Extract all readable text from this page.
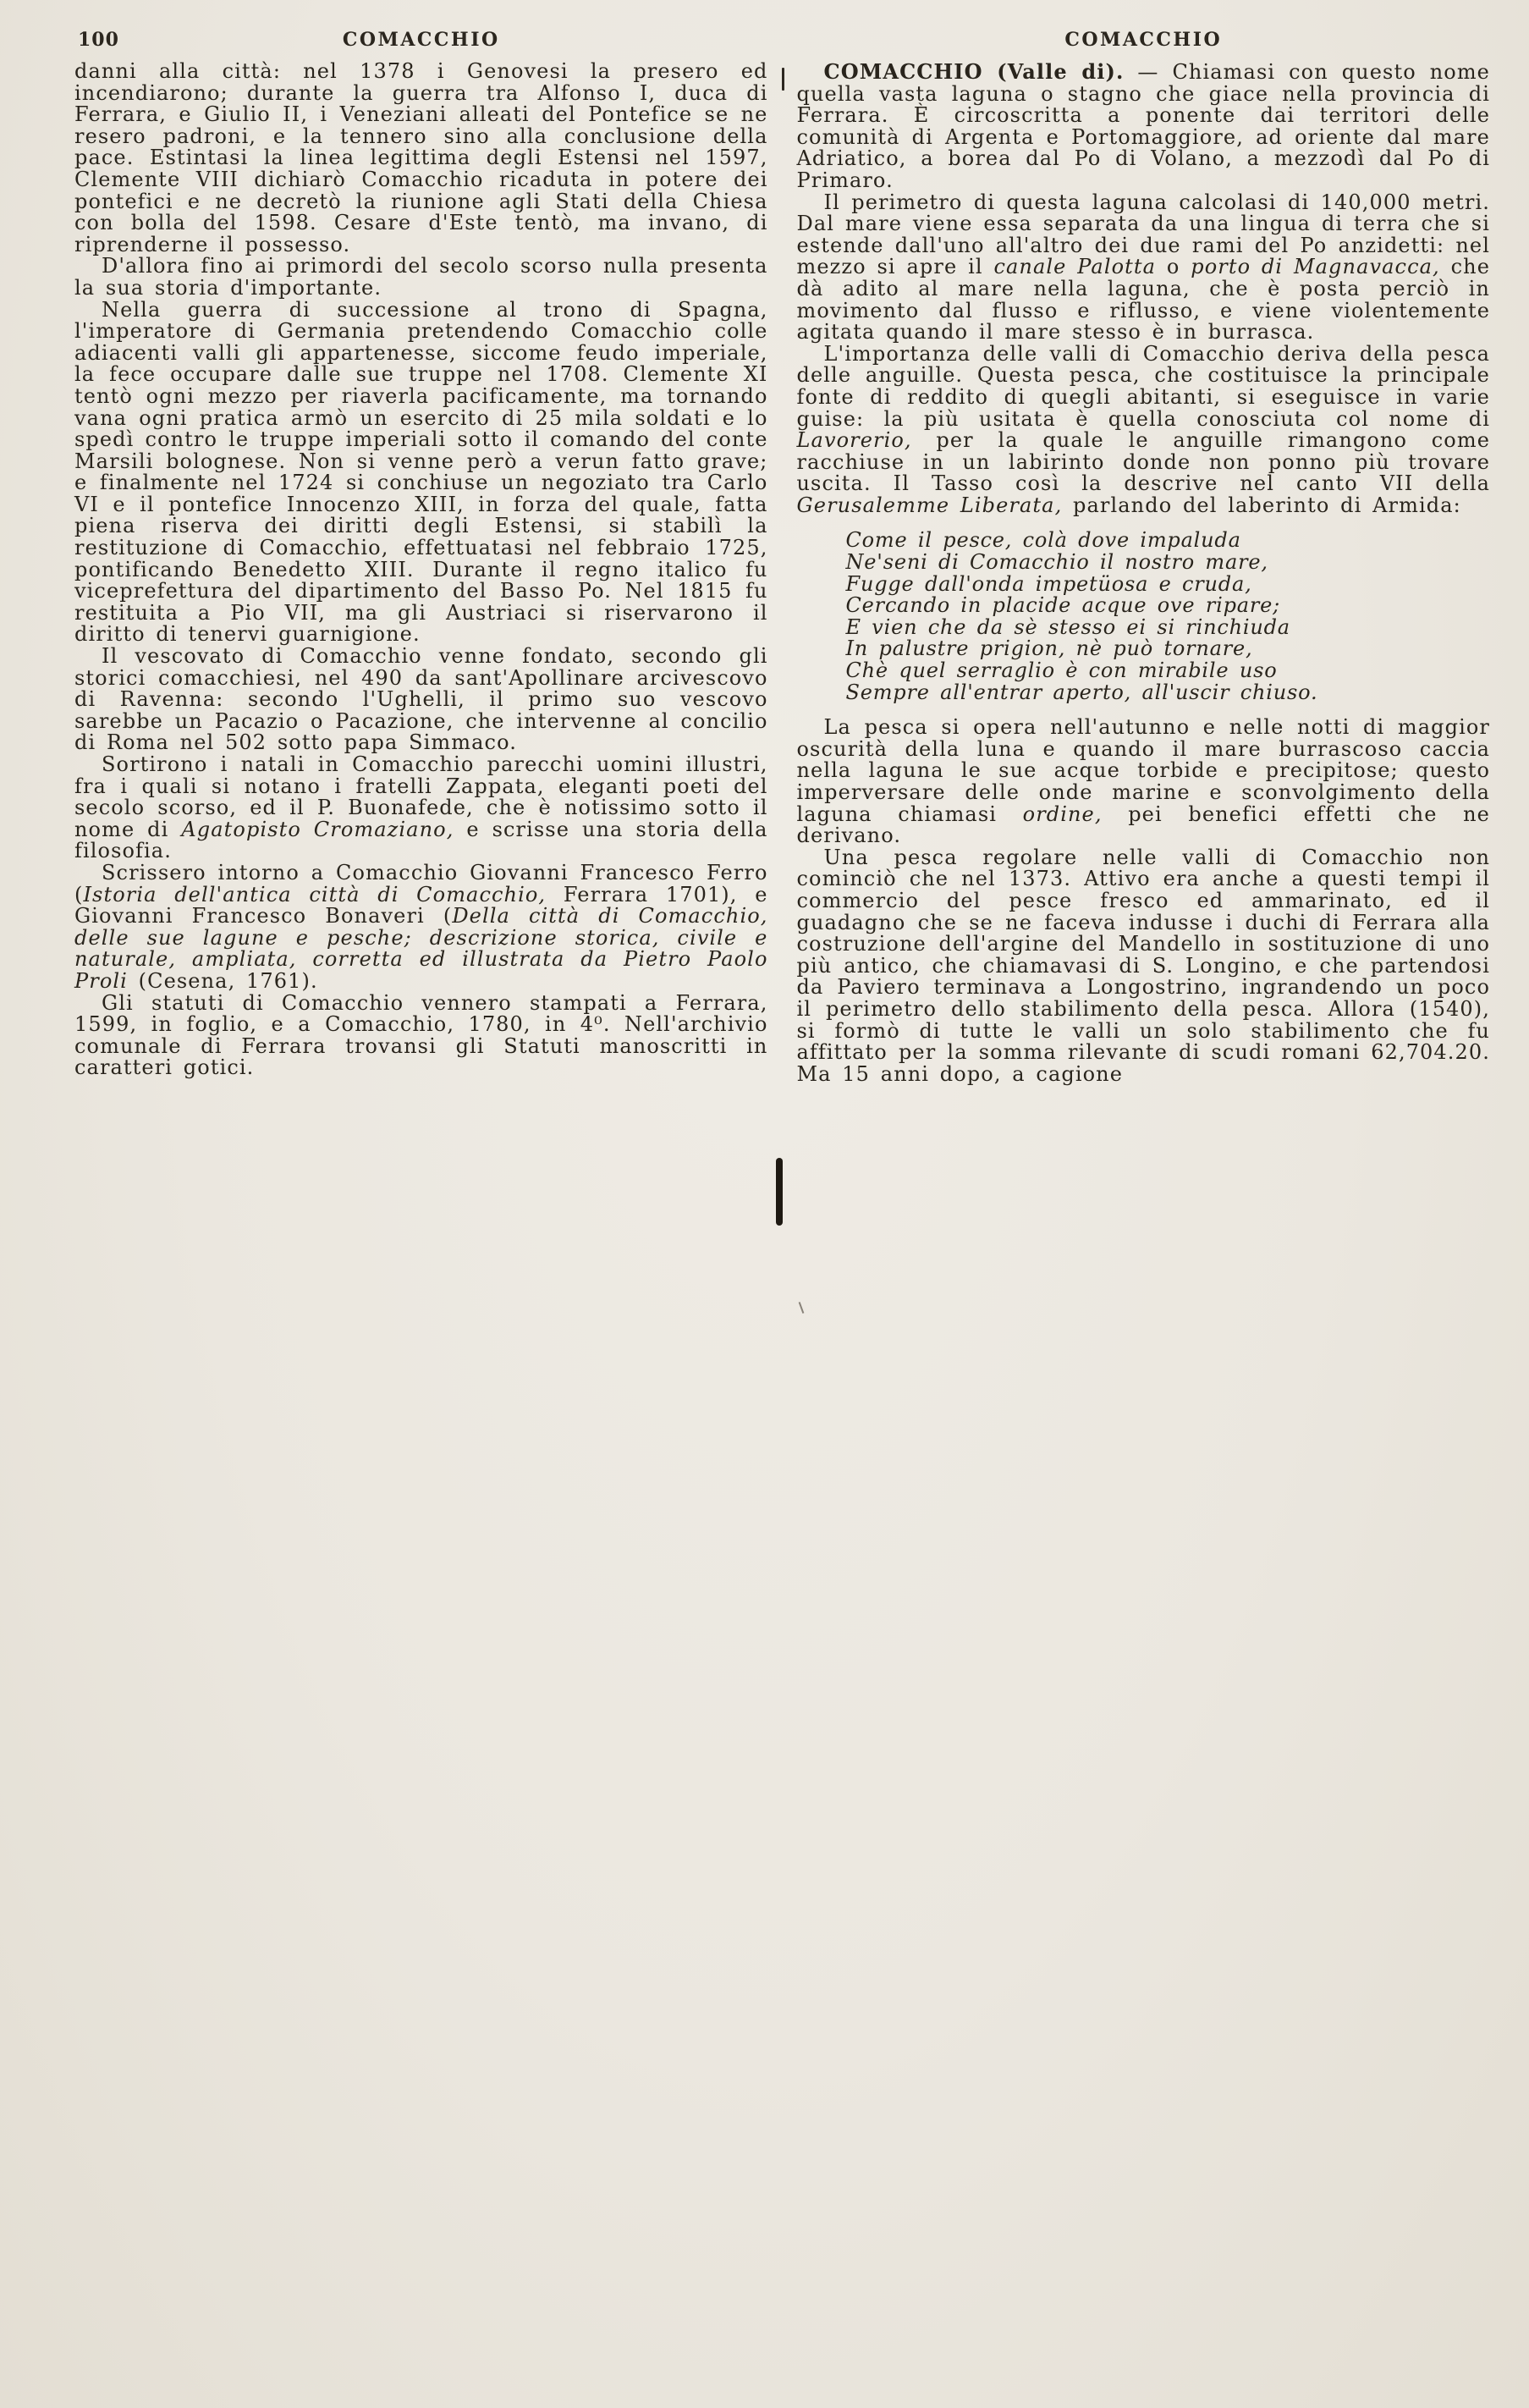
100	COMACCHIO	COMACCHIO

danni alla città: nel 1378 i Genovesi la presero ed incendiarono; durante la guerra tra Alfonso I, duca di Ferrara, e Giulio II, i Veneziani alleati del Pontefice se ne resero padroni, e la tennero sino alla conclusione della pace. Estintasi la linea legittima degli Estensi nel 1597, Clemente VIII dichiarò Comacchio ricaduta in potere dei pontefici e ne decretò la riunione agli Stati della Chiesa con bolla del 1598. Cesare d'Este tentò, ma invano, di riprenderne il possesso.

D'allora fino ai primordi del secolo scorso nulla presenta la sua storia d'importante.

Nella guerra di successione al trono di Spagna, l'imperatore di Germania pretendendo Comacchio colle adiacenti valli gli appartenesse, siccome feudo imperiale, la fece occupare dalle sue truppe nel 1708. Clemente XI tentò ogni mezzo per riaverla pacificamente, ma tornando vana ogni pratica armò un esercito di 25 mila soldati e lo spedì contro le truppe imperiali sotto il comando del conte Marsili bolognese. Non si venne però a verun fatto grave; e finalmente nel 1724 si conchiuse un negoziato tra Carlo VI e il pontefice Innocenzo XIII, in forza del quale, fatta piena riserva dei diritti degli Estensi, si stabilì la restituzione di Comacchio, effettuatasi nel febbraio 1725, pontificando Benedetto XIII. Durante il regno italico fu viceprefettura del dipartimento del Basso Po. Nel 1815 fu restituita a Pio VII, ma gli Austriaci si riservarono il diritto di tenervi guarnigione.

Il vescovato di Comacchio venne fondato, secondo gli storici comacchiesi, nel 490 da sant'Apollinare arcivescovo di Ravenna: secondo l'Ughelli, il primo suo vescovo sarebbe un Pacazio o Pacazione, che intervenne al concilio di Roma nel 502 sotto papa Simmaco.

Sortirono i natali in Comacchio parecchi uomini illustri, fra i quali si notano i fratelli Zappata, eleganti poeti del secolo scorso, ed il P. Buonafede, che è notissimo sotto il nome di Agatopisto Cromaziano, e scrisse una storia della filosofia.

Scrissero intorno a Comacchio Giovanni Francesco Ferro (Istoria dell'antica città di Comacchio, Ferrara 1701), e Giovanni Francesco Bonaveri (Della città di Comacchio, delle sue lagune e pesche; descrizione storica, civile e naturale, ampliata, corretta ed illustrata da Pietro Paolo Proli (Cesena, 1761).

Gli statuti di Comacchio vennero stampati a Ferrara, 1599, in foglio, e a Comacchio, 1780, in 4⁰. Nell'archivio comunale di Ferrara trovansi gli Statuti manoscritti in caratteri gotici.

COMACCHIO (Valle di). — Chiamasi con questo nome quella vasta laguna o stagno che giace nella provincia di Ferrara. È circoscritta a ponente dai territori delle comunità di Argenta e Portomaggiore, ad oriente dal mare Adriatico, a borea dal Po di Volano, a mezzodì dal Po di Primaro.

Il perimetro di questa laguna calcolasi di 140,000 metri. Dal mare viene essa separata da una lingua di terra che si estende dall'uno all'altro dei due rami del Po anzidetti: nel mezzo si apre il canale Palotta o porto di Magnavacca, che dà adito al mare nella laguna, che è posta perciò in movimento dal flusso e riflusso, e viene violentemente agitata quando il mare stesso è in burrasca.

L'importanza delle valli di Comacchio deriva della pesca delle anguille. Questa pesca, che costituisce la principale fonte di reddito di quegli abitanti, si eseguisce in varie guise: la più usitata è quella conosciuta col nome di Lavorerio, per la quale le anguille rimangono come racchiuse in un labirinto donde non ponno più trovare uscita. Il Tasso così la descrive nel canto VII della Gerusalemme Liberata, parlando del laberinto di Armida:

Come il pesce, colà dove impaluda

Ne'seni di Comacchio il nostro mare,

Fugge dall'onda impetüosa e cruda,

Cercando in placide acque ove ripare;

E vien che da sè stesso ei si rinchiuda

In palustre prigion, nè può tornare,

Chè quel serraglio è con mirabile uso

Sempre all'entrar aperto, all'uscir chiuso.

La pesca si opera nell'autunno e nelle notti di maggior oscurità della luna e quando il mare burrascoso caccia nella laguna le sue acque torbide e precipitose; questo imperversare delle onde marine e sconvolgimento della laguna chiamasi ordine, pei benefici effetti che ne derivano.

Una pesca regolare nelle valli di Comacchio non cominciò che nel 1373. Attivo era anche a questi tempi il commercio del pesce fresco ed ammarinato, ed il guadagno che se ne faceva indusse i duchi di Ferrara alla costruzione dell'argine del Mandello in sostituzione di uno più antico, che chiamavasi di S. Longino, e che partendosi da Paviero terminava a Longostrino, ingrandendo un poco il perimetro dello stabilimento della pesca. Allora (1540), si formò di tutte le valli un solo stabilimento che fu affittato per la somma rilevante di scudi romani 62,704.20. Ma 15 anni dopo, a cagione
